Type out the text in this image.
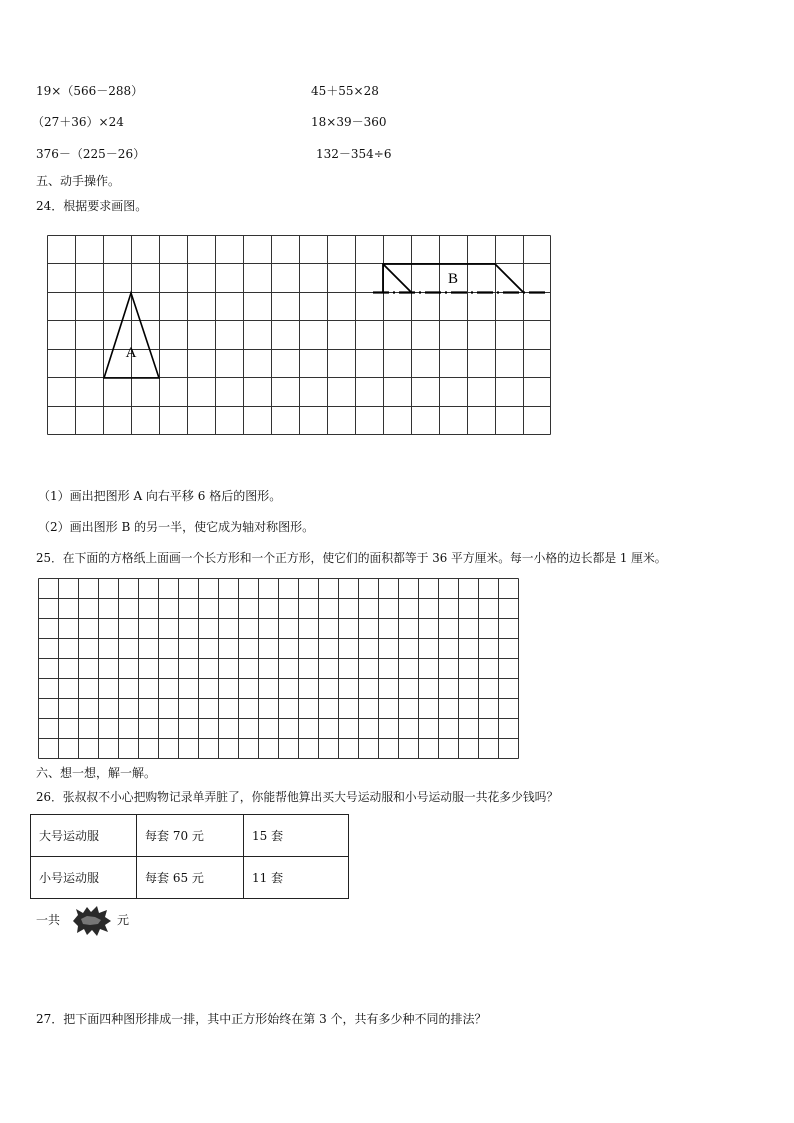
19×（566－288）	45＋55×28
（27＋36）×24	18×39－360
376－（225－26）	132－354÷6
五、动手操作。
24．根据要求画图。
A
B
（1）画出把图形 A 向右平移 6 格后的图形。
（2）画出图形 B 的另一半，使它成为轴对称图形。
25．在下面的方格纸上面画一个长方形和一个正方形，使它们的面积都等于 36 平方厘米。每一小格的边长都是 1 厘米。
六、想一想，解一解。
26．张叔叔不小心把购物记录单弄脏了，你能帮他算出买大号运动服和小号运动服一共花多少钱吗？
大号运动服	每套 70 元	15 套
小号运动服	每套 65 元	11 套
一共	元
27．把下面四种图形排成一排，其中正方形始终在第 3 个，共有多少种不同的排法？
